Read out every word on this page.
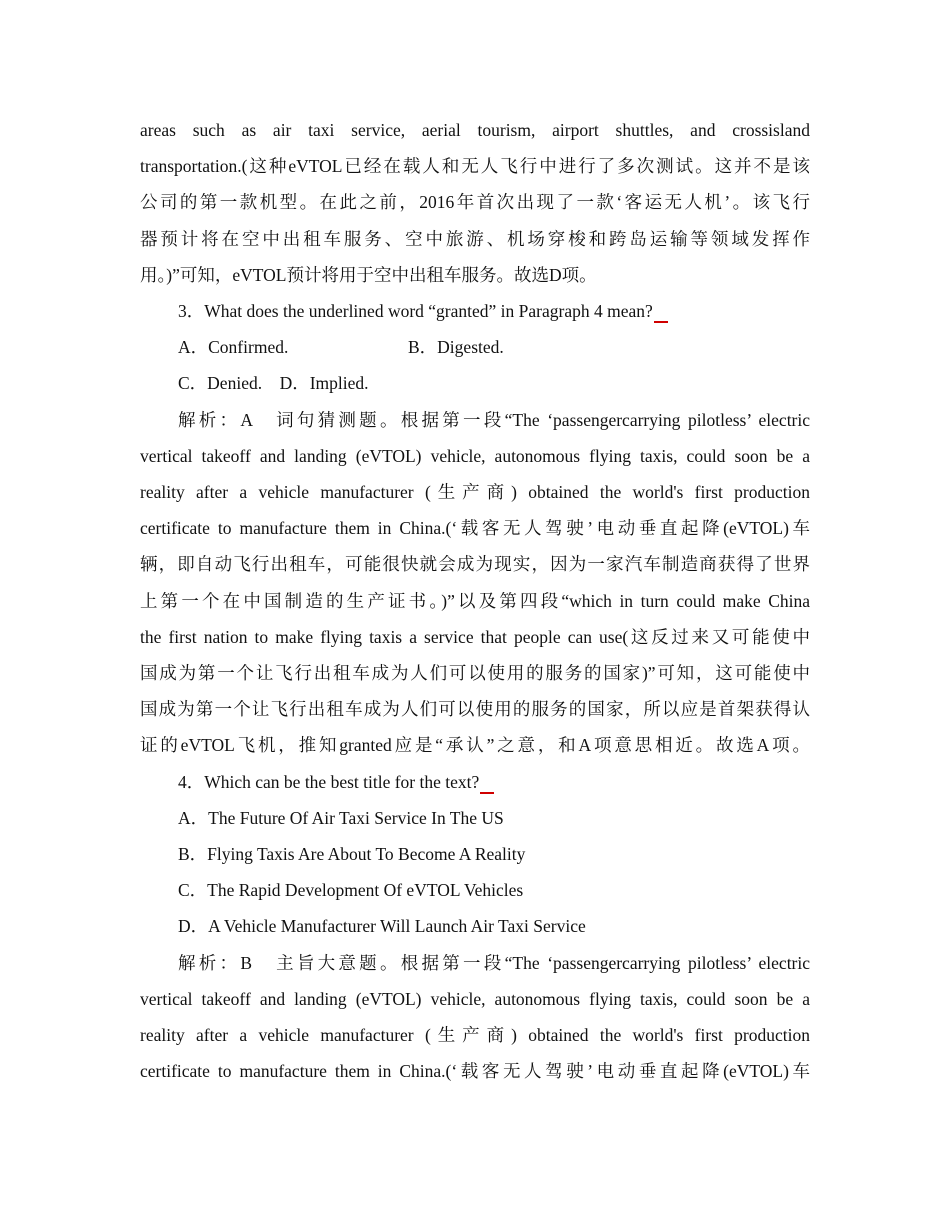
areas such as air taxi service, aerial tourism, airport shuttles, and crossisland

transportation.(这种eVTOL已经在载人和无人飞行中进行了多次测试。这并不是该

公司的第一款机型。在此之前，2016年首次出现了一款‘客运无人机’。该飞行

器预计将在空中出租车服务、空中旅游、机场穿梭和跨岛运输等领域发挥作

用。)”可知，eVTOL预计将用于空中出租车服务。故选D项。

3．What does the underlined word “granted” in Paragraph 4 mean?

A．Confirmed.	B．Digested.

C．Denied.　D．Implied.

解析：A　词句猜测题。根据第一段“The ‘passengercarrying pilotless’ electric

vertical takeoff and landing (eVTOL) vehicle, autonomous flying taxis, could soon be a

reality after a vehicle manufacturer (生产商) obtained the world's first production

certificate to manufacture them in China.(‘载客无人驾驶’电动垂直起降(eVTOL)车

辆，即自动飞行出租车，可能很快就会成为现实，因为一家汽车制造商获得了世界

上第一个在中国制造的生产证书。)”以及第四段“which in turn could make China

the first nation to make flying taxis a service that people can use(这反过来又可能使中

国成为第一个让飞行出租车成为人们可以使用的服务的国家)”可知，这可能使中

国成为第一个让飞行出租车成为人们可以使用的服务的国家，所以应是首架获得认

证的eVTOL飞机，推知granted应是“承认”之意，和A项意思相近。故选A项。

4．Which can be the best title for the text?

A．The Future Of Air Taxi Service In The US

B．Flying Taxis Are About To Become A Reality

C．The Rapid Development Of eVTOL Vehicles

D．A Vehicle Manufacturer Will Launch Air Taxi Service

解析：B　主旨大意题。根据第一段“The ‘passengercarrying pilotless’ electric

vertical takeoff and landing (eVTOL) vehicle, autonomous flying taxis, could soon be a

reality after a vehicle manufacturer (生产商) obtained the world's first production

certificate to manufacture them in China.(‘载客无人驾驶’电动垂直起降(eVTOL)车
